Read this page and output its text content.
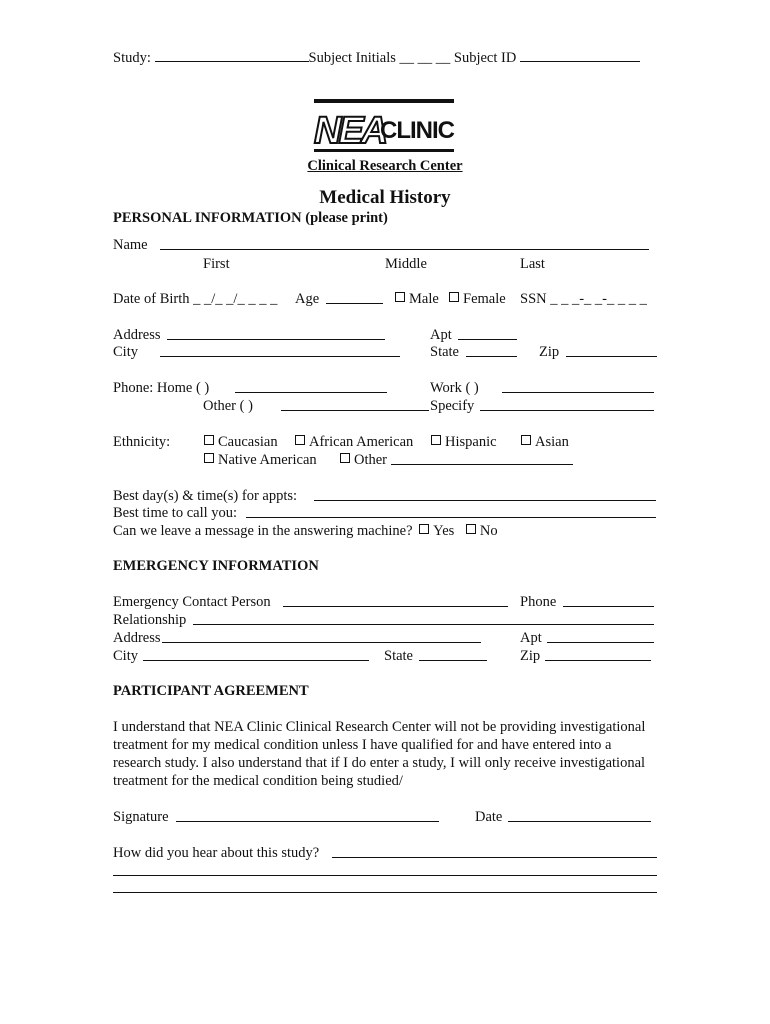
Study:	Subject Initials __ __ __ Subject ID
NEA
CLINIC
Clinical Research Center
Medical History
PERSONAL INFORMATION (please print)
Name
First	Middle	Last
Date of Birth _ _/_ _/_ _ _ _ Age	Male	Female SSN _ _ _-_ _-_ _ _ _
Address	Apt
City	State	Zip
Phone: Home ( )	Work ( )
Other ( )	Specify
Ethnicity:	Caucasian	African American	Hispanic	Asian
Native American	Other
Best day(s) & time(s) for appts:
Best time to call you:
Can we leave a message in the answering machine? Yes No
EMERGENCY INFORMATION
Emergency Contact Person	Phone
Relationship
Address	Apt
City	State	Zip
PARTICIPANT AGREEMENT
I understand that NEA Clinic Clinical Research Center will not be providing investigational treatment for my medical condition unless I have qualified for and have entered into a research study. I also understand that if I do enter a study, I will only receive investigational treatment for the medical condition being studied/
Signature	Date
How did you hear about this study?
